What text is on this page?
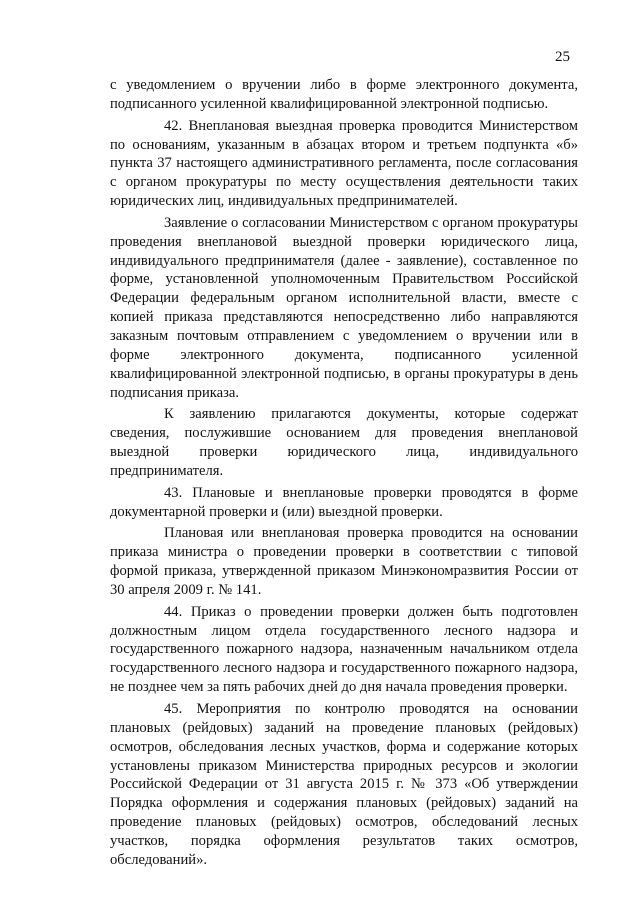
25

с уведомлением о вручении либо в форме электронного документа, подписанного усиленной квалифицированной электронной подписью.

42. Внеплановая выездная проверка проводится Министерством по основаниям, указанным в абзацах втором и третьем подпункта «б» пункта 37 настоящего административного регламента, после согласования с органом прокуратуры по месту осуществления деятельности таких юридических лиц, индивидуальных предпринимателей.

Заявление о согласовании Министерством с органом прокуратуры проведения внеплановой выездной проверки юридического лица, индивидуального предпринимателя (далее - заявление), составленное по форме, установленной уполномоченным Правительством Российской Федерации федеральным органом исполнительной власти, вместе с копией приказа представляются непосредственно либо направляются заказным почтовым отправлением с уведомлением о вручении или в форме электронного документа, подписанного усиленной квалифицированной электронной подписью, в органы прокуратуры в день подписания приказа.

К заявлению прилагаются документы, которые содержат сведения, послужившие основанием для проведения внеплановой выездной проверки юридического лица, индивидуального предпринимателя.

43. Плановые и внеплановые проверки проводятся в форме документарной проверки и (или) выездной проверки.

Плановая или внеплановая проверка проводится на основании приказа министра о проведении проверки в соответствии с типовой формой приказа, утвержденной приказом Минэкономразвития России от 30 апреля 2009 г. № 141.

44. Приказ о проведении проверки должен быть подготовлен должностным лицом отдела государственного лесного надзора и государственного пожарного надзора, назначенным начальником отдела государственного лесного надзора и государственного пожарного надзора, не позднее чем за пять рабочих дней до дня начала проведения проверки.

45. Мероприятия по контролю проводятся на основании плановых (рейдовых) заданий на проведение плановых (рейдовых) осмотров, обследования лесных участков, форма и содержание которых установлены приказом Министерства природных ресурсов и экологии Российской Федерации от 31 августа 2015 г. № 373 «Об утверждении Порядка оформления и содержания плановых (рейдовых) заданий на проведение плановых (рейдовых) осмотров, обследований лесных участков, порядка оформления результатов таких осмотров, обследований».
